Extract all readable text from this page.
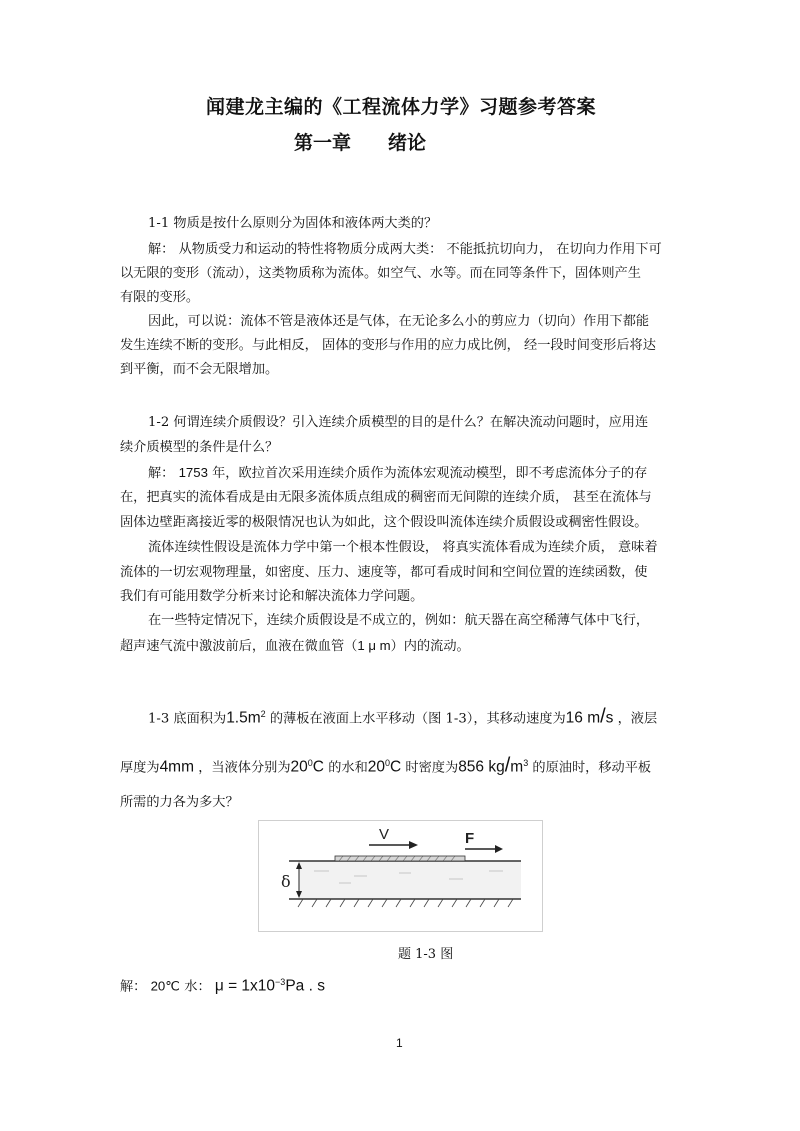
闻建龙主编的《工程流体力学》习题参考答案
第一章 绪论
1-1 物质是按什么原则分为固体和液体两大类的？
解： 从物质受力和运动的特性将物质分成两大类： 不能抵抗切向力， 在切向力作用下可
以无限的变形（流动），这类物质称为流体。如空气、水等。而在同等条件下，固体则产生
有限的变形。
因此，可以说：流体不管是液体还是气体，在无论多么小的剪应力（切向）作用下都能
发生连续不断的变形。与此相反， 固体的变形与作用的应力成比例， 经一段时间变形后将达
到平衡，而不会无限增加。
1-2 何谓连续介质假设？引入连续介质模型的目的是什么？在解决流动问题时，应用连
续介质模型的条件是什么？
解： 1753 年，欧拉首次采用连续介质作为流体宏观流动模型，即不考虑流体分子的存
在，把真实的流体看成是由无限多流体质点组成的稠密而无间隙的连续介质， 甚至在流体与
固体边壁距离接近零的极限情况也认为如此，这个假设叫流体连续介质假设或稠密性假设。
流体连续性假设是流体力学中第一个根本性假设， 将真实流体看成为连续介质， 意味着
流体的一切宏观物理量，如密度、压力、速度等，都可看成时间和空间位置的连续函数，使
我们有可能用数学分析来讨论和解决流体力学问题。
在一些特定情况下，连续介质假设是不成立的，例如：航天器在高空稀薄气体中飞行，
超声速气流中激波前后，血液在微血管（1 μ m）内的流动。
1-3 底面积为$1.5m^2$ 的薄板在液面上水平移动（图 1-3），其移动速度为16 m/s ，液层
厚度为4mm ，当液体分别为$20^0C$ 的水和$20^0C$ 时密度为856 $kg/m^3$ 的原油时，移动平板
所需的力各为多大？
V	F
δ
题 1-3 图
解： 20℃ 水： $\mu = 1x10^{-3}Pa$ . s
1
